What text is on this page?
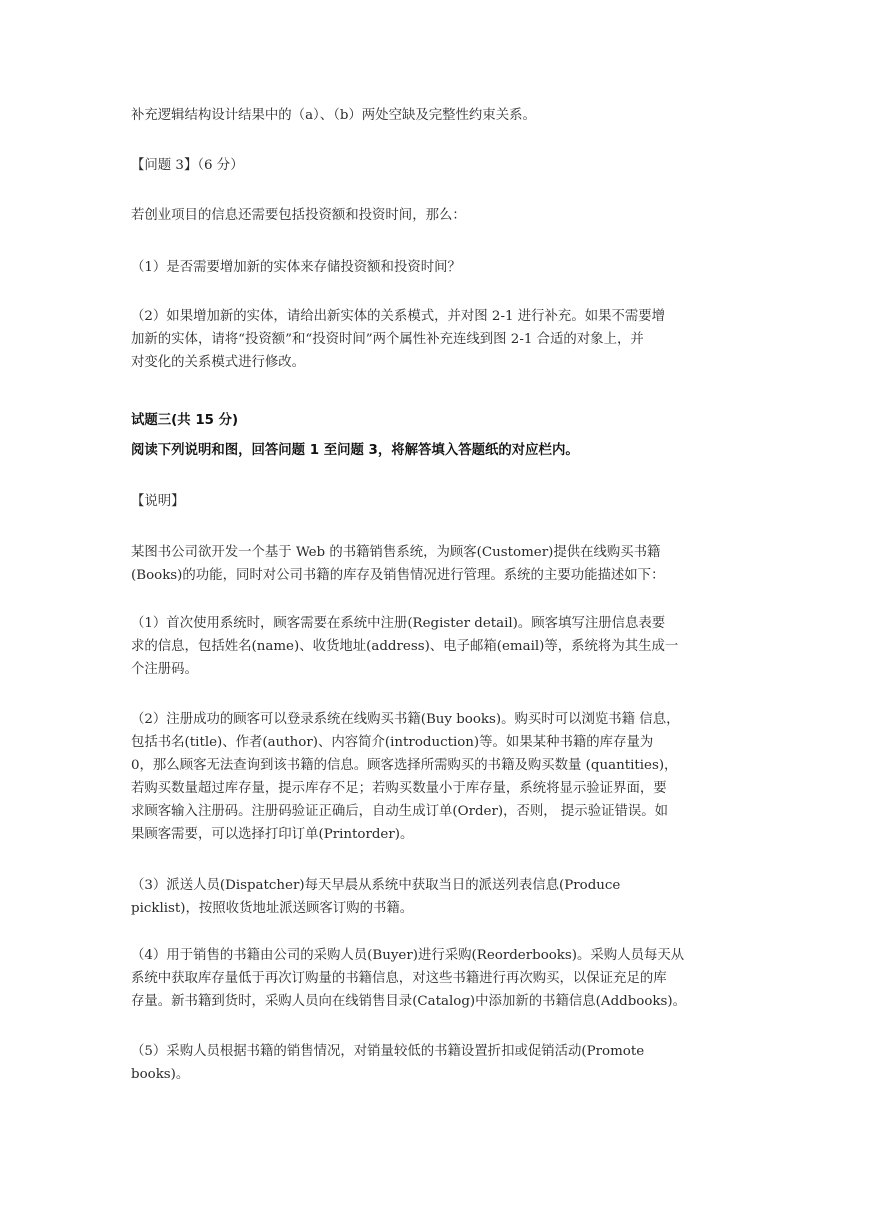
补充逻辑结构设计结果中的（a）、（b）两处空缺及完整性约束关系。
【问题 3】（6 分）
若创业项目的信息还需要包括投资额和投资时间，那么：
（1）是否需要增加新的实体来存储投资额和投资时间？
（2）如果增加新的实体，请给出新实体的关系模式，并对图 2-1 进行补充。如果不需要增
加新的实体，请将“投资额”和“投资时间”两个属性补充连线到图 2-1 合适的对象上，并
对变化的关系模式进行修改。
试题三(共 15 分)
阅读下列说明和图，回答问题 1 至问题 3，将解答填入答题纸的对应栏内。
【说明】
某图书公司欲开发一个基于 Web 的书籍销售系统，为顾客(Customer)提供在线购买书籍
(Books)的功能，同时对公司书籍的库存及销售情况进行管理。系统的主要功能描述如下：
（1）首次使用系统时，顾客需要在系统中注册(Register detail)。顾客填写注册信息表要
求的信息，包括姓名(name)、收货地址(address)、电子邮箱(email)等，系统将为其生成一
个注册码。
（2）注册成功的顾客可以登录系统在线购买书籍(Buy books)。购买时可以浏览书籍 信息，
包括书名(title)、作者(author)、内容简介(introduction)等。如果某种书籍的库存量为
0，那么顾客无法查询到该书籍的信息。顾客选择所需购买的书籍及购买数量 (quantities)，
若购买数量超过库存量，提示库存不足；若购买数量小于库存量，系统将显示验证界面，要
求顾客输入注册码。注册码验证正确后，自动生成订单(Order)，否则， 提示验证错误。如
果顾客需要，可以选择打印订单(Printorder)。
（3）派送人员(Dispatcher)每天早晨从系统中获取当日的派送列表信息(Produce
picklist)，按照收货地址派送顾客订购的书籍。
（4）用于销售的书籍由公司的采购人员(Buyer)进行采购(Reorderbooks)。采购人员每天从
系统中获取库存量低于再次订购量的书籍信息，对这些书籍进行再次购买，以保证充足的库
存量。新书籍到货时，采购人员向在线销售目录(Catalog)中添加新的书籍信息(Addbooks)。
（5）采购人员根据书籍的销售情况，对销量较低的书籍设置折扣或促销活动(Promote
books)。
